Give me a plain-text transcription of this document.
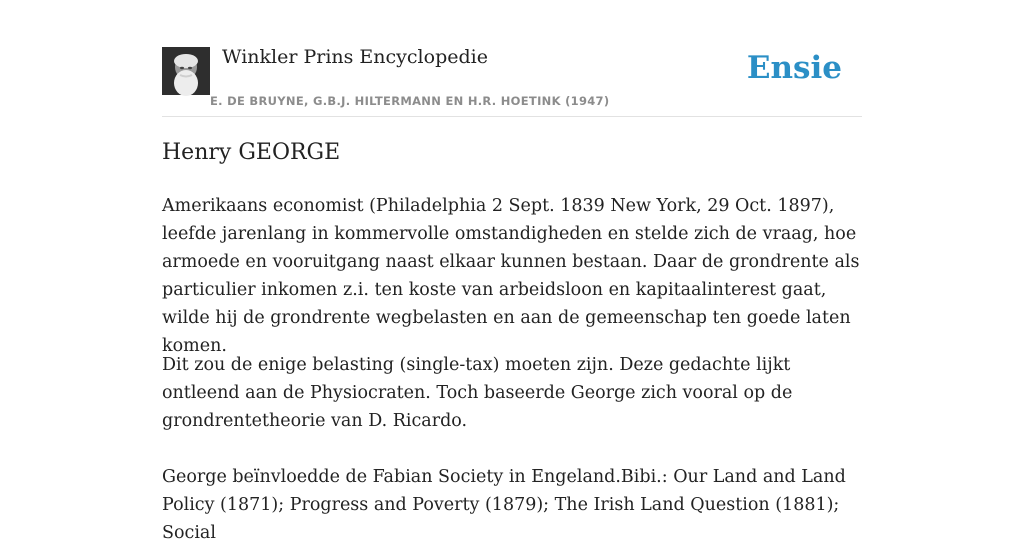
Winkler Prins Encyclopedie
E. DE BRUYNE, G.B.J. HILTERMANN EN H.R. HOETINK (1947)
Ensie
Henry GEORGE

Amerikaans economist (Philadelphia 2 Sept. 1839 New York, 29 Oct. 1897), leefde jarenlang in kommervolle omstandigheden en stelde zich de vraag, hoe armoede en vooruitgang naast elkaar kunnen bestaan. Daar de grondrente als particulier inkomen z.i. ten koste van arbeidsloon en kapitaalinterest gaat, wilde hij de grondrente wegbelasten en aan de gemeenschap ten goede laten komen.

Dit zou de enige belasting (single-tax) moeten zijn. Deze gedachte lijkt ontleend aan de Physiocraten. Toch baseerde George zich vooral op de grondrentetheorie van D. Ricardo.

George beïnvloedde de Fabian Society in Engeland.Bibi.: Our Land and Land Policy (1871); Progress and Poverty (1879); The Irish Land Question (1881); Social
